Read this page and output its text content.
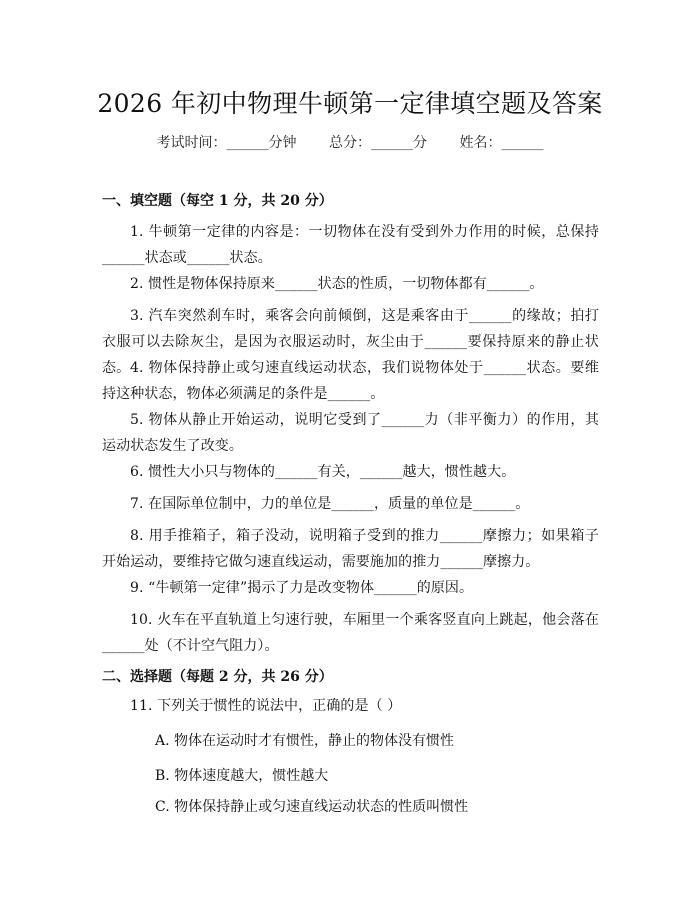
2026 年初中物理牛顿第一定律填空题及答案
考试时间：______分钟 总分：______分 姓名：______
一、填空题（每空 1 分，共 20 分）
1. 牛顿第一定律的内容是：一切物体在没有受到外力作用的时候，总保持______状态或______状态。
2. 惯性是物体保持原来______状态的性质，一切物体都有______。
3. 汽车突然刹车时，乘客会向前倾倒，这是乘客由于______的缘故；拍打衣服可以去除灰尘，是因为衣服运动时，灰尘由于______要保持原来的静止状态。 4. 物体保持静止或匀速直线运动状态，我们说物体处于______状态。要维持这种状态，物体必须满足的条件是______。
5. 物体从静止开始运动，说明它受到了______力（非平衡力）的作用，其运动状态发生了改变。
6. 惯性大小只与物体的______有关，______越大，惯性越大。
7. 在国际单位制中，力的单位是______，质量的单位是______。
8. 用手推箱子，箱子没动，说明箱子受到的推力______摩擦力；如果箱子开始运动，要维持它做匀速直线运动，需要施加的推力______摩擦力。
9. “牛顿第一定律”揭示了力是改变物体______的原因。
10. 火车在平直轨道上匀速行驶，车厢里一个乘客竖直向上跳起，他会落在______处（不计空气阻力）。
二、选择题（每题 2 分，共 26 分）
11. 下列关于惯性的说法中，正确的是（ ）
A. 物体在运动时才有惯性，静止的物体没有惯性
B. 物体速度越大，惯性越大
C. 物体保持静止或匀速直线运动状态的性质叫惯性
